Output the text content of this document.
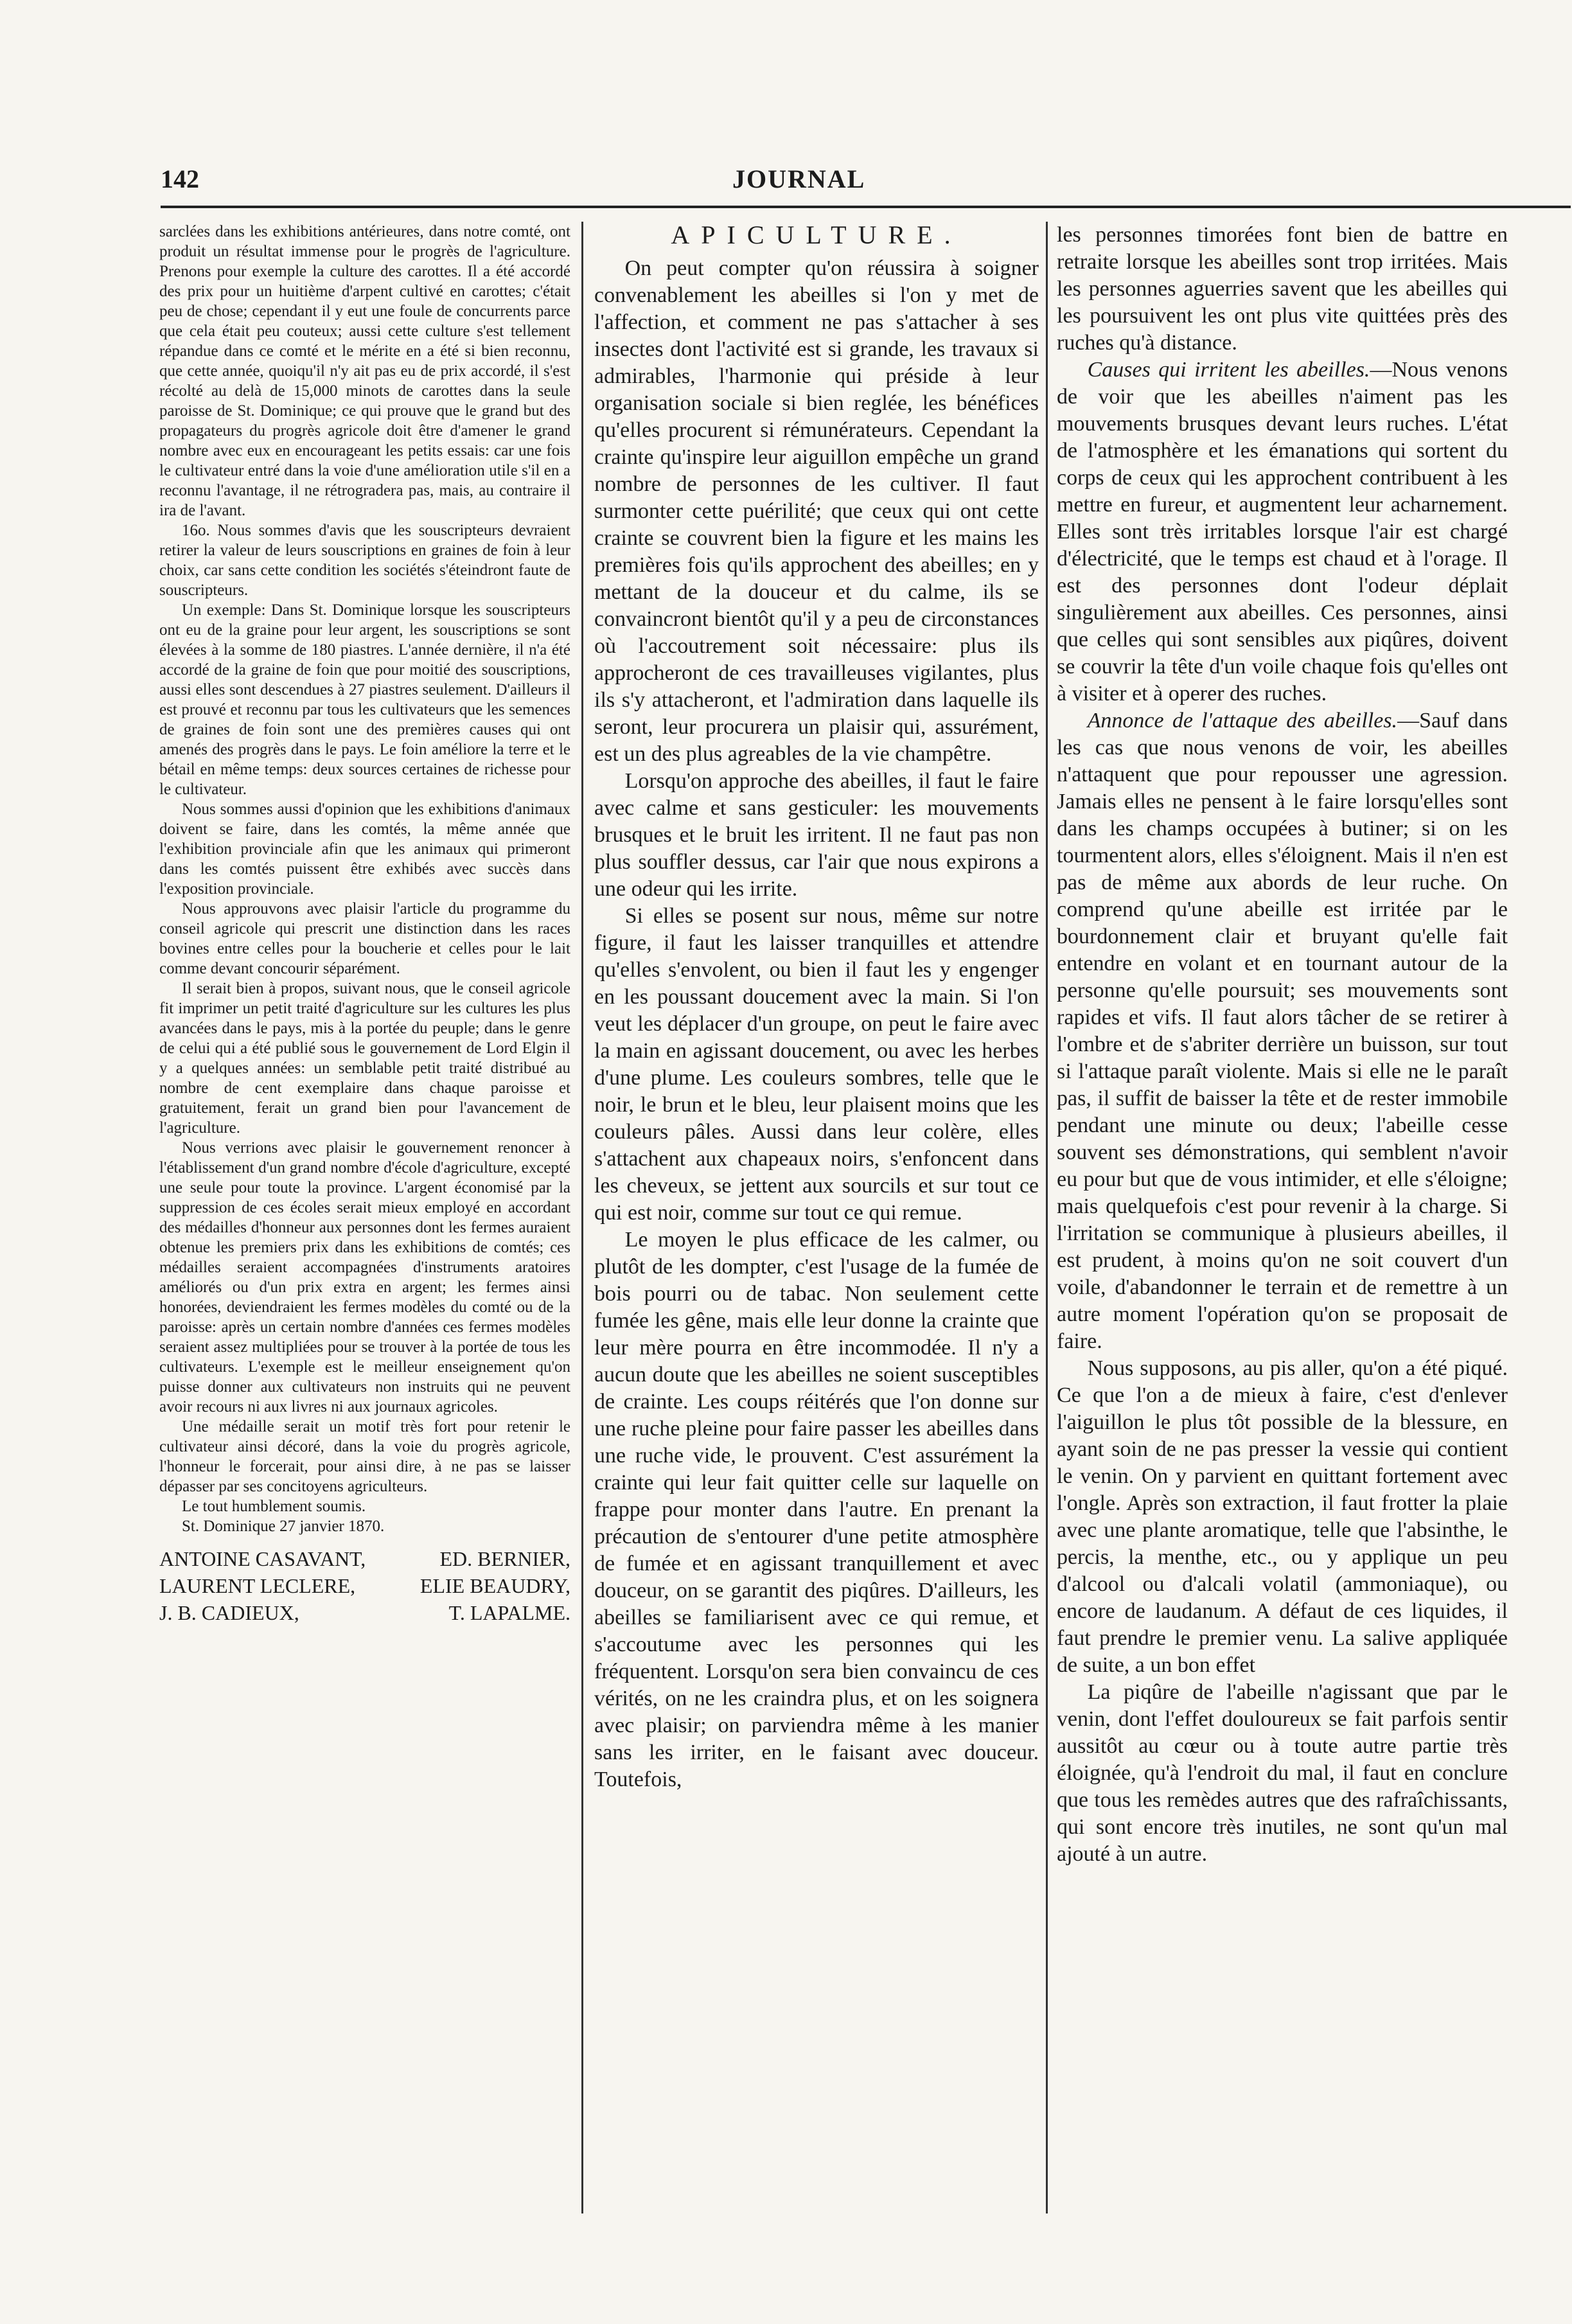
142	JOURNAL

sarclées dans les exhibitions antérieures, dans notre comté, ont produit un résultat immense pour le progrès de l'agriculture. Prenons pour exemple la culture des carottes. Il a été accordé des prix pour un huitième d'arpent cultivé en carottes; c'était peu de chose; cependant il y eut une foule de concurrents parce que cela était peu couteux; aussi cette culture s'est tellement répandue dans ce comté et le mérite en a été si bien reconnu, que cette année, quoiqu'il n'y ait pas eu de prix accordé, il s'est récolté au delà de 15,000 minots de carottes dans la seule paroisse de St. Dominique; ce qui prouve que le grand but des propagateurs du progrès agricole doit être d'amener le grand nombre avec eux en encourageant les petits essais: car une fois le cultivateur entré dans la voie d'une amélioration utile s'il en a reconnu l'avantage, il ne rétrogradera pas, mais, au contraire il ira de l'avant.

16o. Nous sommes d'avis que les souscripteurs devraient retirer la valeur de leurs souscriptions en graines de foin à leur choix, car sans cette condition les sociétés s'éteindront faute de souscripteurs.

Un exemple: Dans St. Dominique lorsque les souscripteurs ont eu de la graine pour leur argent, les souscriptions se sont élevées à la somme de 180 piastres. L'année dernière, il n'a été accordé de la graine de foin que pour moitié des souscriptions, aussi elles sont descendues à 27 piastres seulement. D'ailleurs il est prouvé et reconnu par tous les cultivateurs que les semences de graines de foin sont une des premières causes qui ont amenés des progrès dans le pays. Le foin améliore la terre et le bétail en même temps: deux sources certaines de richesse pour le cultivateur.

Nous sommes aussi d'opinion que les exhibitions d'animaux doivent se faire, dans les comtés, la même année que l'exhibition provinciale afin que les animaux qui primeront dans les comtés puissent être exhibés avec succès dans l'exposition provinciale.

Nous approuvons avec plaisir l'article du programme du conseil agricole qui prescrit une distinction dans les races bovines entre celles pour la boucherie et celles pour le lait comme devant concourir séparément.

Il serait bien à propos, suivant nous, que le conseil agricole fit imprimer un petit traité d'agriculture sur les cultures les plus avancées dans le pays, mis à la portée du peuple; dans le genre de celui qui a été publié sous le gouvernement de Lord Elgin il y a quelques années: un semblable petit traité distribué au nombre de cent exemplaire dans chaque paroisse et gratuitement, ferait un grand bien pour l'avancement de l'agriculture.

Nous verrions avec plaisir le gouvernement renoncer à l'établissement d'un grand nombre d'école d'agriculture, excepté une seule pour toute la province. L'argent économisé par la suppression de ces écoles serait mieux employé en accordant des médailles d'honneur aux personnes dont les fermes auraient obtenue les premiers prix dans les exhibitions de comtés; ces médailles seraient accompagnées d'instruments aratoires améliorés ou d'un prix extra en argent; les fermes ainsi honorées, deviendraient les fermes modèles du comté ou de la paroisse: après un certain nombre d'années ces fermes modèles seraient assez multipliées pour se trouver à la portée de tous les cultivateurs. L'exemple est le meilleur enseignement qu'on puisse donner aux cultivateurs non instruits qui ne peuvent avoir recours ni aux livres ni aux journaux agricoles.

Une médaille serait un motif très fort pour retenir le cultivateur ainsi décoré, dans la voie du progrès agricole, l'honneur le forcerait, pour ainsi dire, à ne pas se laisser dépasser par ses concitoyens agriculteurs.

Le tout humblement soumis.

St. Dominique 27 janvier 1870.

ANTOINE CASAVANT,	ED. BERNIER,
LAURENT LECLERE,	ELIE BEAUDRY,
J. B. CADIEUX,	T. LAPALME.

APICULTURE.

On peut compter qu'on réussira à soigner convenablement les abeilles si l'on y met de l'affection, et comment ne pas s'attacher à ses insectes dont l'activité est si grande, les travaux si admirables, l'harmonie qui préside à leur organisation sociale si bien reglée, les bénéfices qu'elles procurent si rémunérateurs. Cependant la crainte qu'inspire leur aiguillon empêche un grand nombre de personnes de les cultiver. Il faut surmonter cette puérilité; que ceux qui ont cette crainte se couvrent bien la figure et les mains les premières fois qu'ils approchent des abeilles; en y mettant de la douceur et du calme, ils se convaincront bientôt qu'il y a peu de circonstances où l'accoutrement soit nécessaire: plus ils approcheront de ces travailleuses vigilantes, plus ils s'y attacheront, et l'admiration dans laquelle ils seront, leur procurera un plaisir qui, assurément, est un des plus agreables de la vie champêtre.

Lorsqu'on approche des abeilles, il faut le faire avec calme et sans gesticuler: les mouvements brusques et le bruit les irritent. Il ne faut pas non plus souffler dessus, car l'air que nous expirons a une odeur qui les irrite.

Si elles se posent sur nous, même sur notre figure, il faut les laisser tranquilles et attendre qu'elles s'envolent, ou bien il faut les y engenger en les poussant doucement avec la main. Si l'on veut les déplacer d'un groupe, on peut le faire avec la main en agissant doucement, ou avec les herbes d'une plume. Les couleurs sombres, telle que le noir, le brun et le bleu, leur plaisent moins que les couleurs pâles. Aussi dans leur colère, elles s'attachent aux chapeaux noirs, s'enfoncent dans les cheveux, se jettent aux sourcils et sur tout ce qui est noir, comme sur tout ce qui remue.

Le moyen le plus efficace de les calmer, ou plutôt de les dompter, c'est l'usage de la fumée de bois pourri ou de tabac. Non seulement cette fumée les gêne, mais elle leur donne la crainte que leur mère pourra en être incommodée. Il n'y a aucun doute que les abeilles ne soient susceptibles de crainte. Les coups réitérés que l'on donne sur une ruche pleine pour faire passer les abeilles dans une ruche vide, le prouvent. C'est assurément la crainte qui leur fait quitter celle sur laquelle on frappe pour monter dans l'autre. En prenant la précaution de s'entourer d'une petite atmosphère de fumée et en agissant tranquillement et avec douceur, on se garantit des piqûres. D'ailleurs, les abeilles se familiarisent avec ce qui remue, et s'accoutume avec les personnes qui les fréquentent. Lorsqu'on sera bien convaincu de ces vérités, on ne les craindra plus, et on les soignera avec plaisir; on parviendra même à les manier sans les irriter, en le faisant avec douceur. Toutefois,

les personnes timorées font bien de battre en retraite lorsque les abeilles sont trop irritées. Mais les personnes aguerries savent que les abeilles qui les poursuivent les ont plus vite quittées près des ruches qu'à distance.

Causes qui irritent les abeilles.—Nous venons de voir que les abeilles n'aiment pas les mouvements brusques devant leurs ruches. L'état de l'atmosphère et les émanations qui sortent du corps de ceux qui les approchent contribuent à les mettre en fureur, et augmentent leur acharnement. Elles sont très irritables lorsque l'air est chargé d'électricité, que le temps est chaud et à l'orage. Il est des personnes dont l'odeur déplait singulièrement aux abeilles. Ces personnes, ainsi que celles qui sont sensibles aux piqûres, doivent se couvrir la tête d'un voile chaque fois qu'elles ont à visiter et à operer des ruches.

Annonce de l'attaque des abeilles.—Sauf dans les cas que nous venons de voir, les abeilles n'attaquent que pour repousser une agression. Jamais elles ne pensent à le faire lorsqu'elles sont dans les champs occupées à butiner; si on les tourmentent alors, elles s'éloignent. Mais il n'en est pas de même aux abords de leur ruche. On comprend qu'une abeille est irritée par le bourdonnement clair et bruyant qu'elle fait entendre en volant et en tournant autour de la personne qu'elle poursuit; ses mouvements sont rapides et vifs. Il faut alors tâcher de se retirer à l'ombre et de s'abriter derrière un buisson, sur tout si l'attaque paraît violente. Mais si elle ne le paraît pas, il suffit de baisser la tête et de rester immobile pendant une minute ou deux; l'abeille cesse souvent ses démonstrations, qui semblent n'avoir eu pour but que de vous intimider, et elle s'éloigne; mais quelquefois c'est pour revenir à la charge. Si l'irritation se communique à plusieurs abeilles, il est prudent, à moins qu'on ne soit couvert d'un voile, d'abandonner le terrain et de remettre à un autre moment l'opération qu'on se proposait de faire.

Nous supposons, au pis aller, qu'on a été piqué. Ce que l'on a de mieux à faire, c'est d'enlever l'aiguillon le plus tôt possible de la blessure, en ayant soin de ne pas presser la vessie qui contient le venin. On y parvient en quittant fortement avec l'ongle. Après son extraction, il faut frotter la plaie avec une plante aromatique, telle que l'absinthe, le percis, la menthe, etc., ou y applique un peu d'alcool ou d'alcali volatil (ammoniaque), ou encore de laudanum. A défaut de ces liquides, il faut prendre le premier venu. La salive appliquée de suite, a un bon effet

La piqûre de l'abeille n'agissant que par le venin, dont l'effet douloureux se fait parfois sentir aussitôt au cœur ou à toute autre partie très éloignée, qu'à l'endroit du mal, il faut en conclure que tous les remèdes autres que des rafraîchissants, qui sont encore très inutiles, ne sont qu'un mal ajouté à un autre.
